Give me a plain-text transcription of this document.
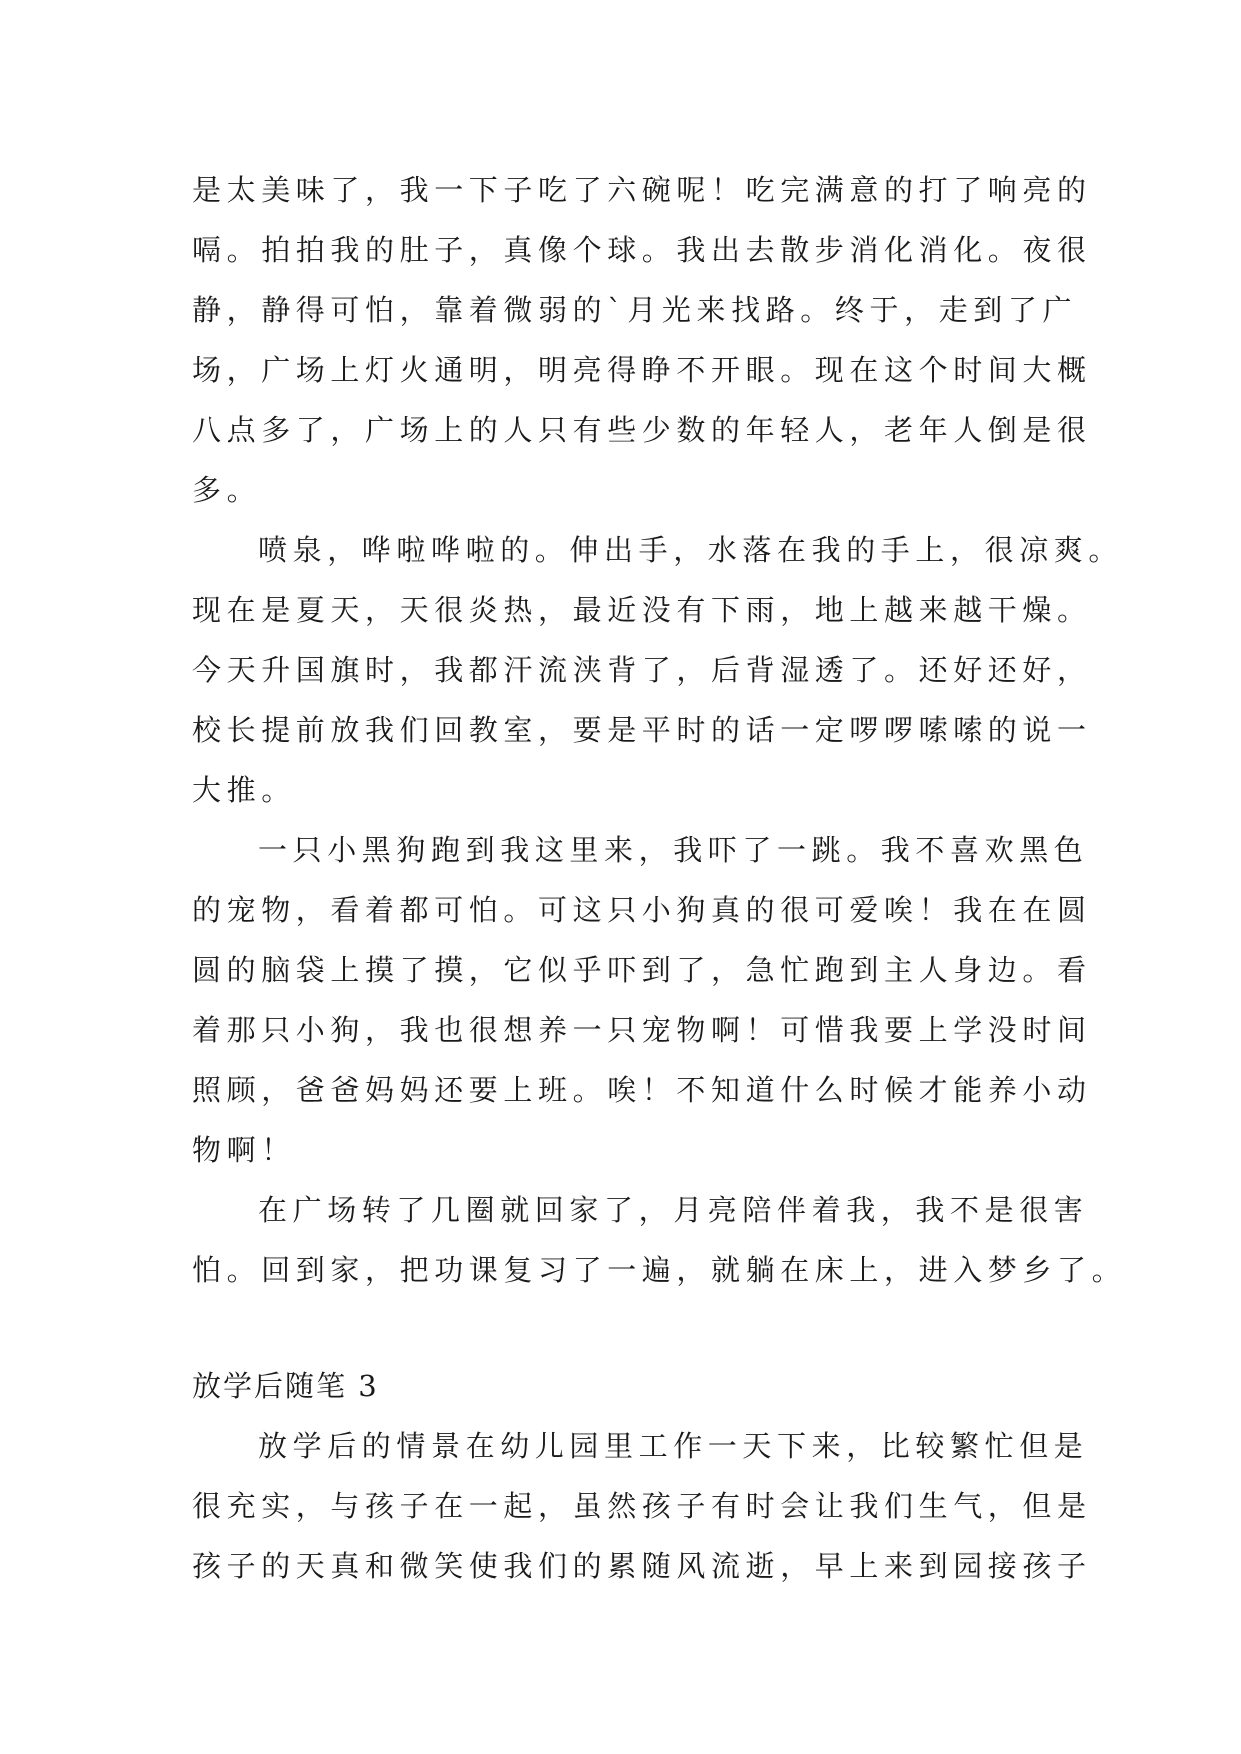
是太美味了，我一下子吃了六碗呢！吃完满意的打了响亮的
嗝。拍拍我的肚子，真像个球。我出去散步消化消化。夜很
静，静得可怕，靠着微弱的`月光来找路。终于，走到了广
场，广场上灯火通明，明亮得睁不开眼。现在这个时间大概
八点多了，广场上的人只有些少数的年轻人，老年人倒是很
多。
喷泉，哗啦哗啦的。伸出手，水落在我的手上，很凉爽。
现在是夏天，天很炎热，最近没有下雨，地上越来越干燥。
今天升国旗时，我都汗流浃背了，后背湿透了。还好还好，
校长提前放我们回教室，要是平时的话一定啰啰嗦嗦的说一
大推。
一只小黑狗跑到我这里来，我吓了一跳。我不喜欢黑色
的宠物，看着都可怕。可这只小狗真的很可爱唉！我在在圆
圆的脑袋上摸了摸，它似乎吓到了，急忙跑到主人身边。看
着那只小狗，我也很想养一只宠物啊！可惜我要上学没时间
照顾，爸爸妈妈还要上班。唉！不知道什么时候才能养小动
物啊！
在广场转了几圈就回家了，月亮陪伴着我，我不是很害
怕。回到家，把功课复习了一遍，就躺在床上，进入梦乡了。
放学后随笔 3
放学后的情景在幼儿园里工作一天下来，比较繁忙但是
很充实，与孩子在一起，虽然孩子有时会让我们生气，但是
孩子的天真和微笑使我们的累随风流逝，早上来到园接孩子
